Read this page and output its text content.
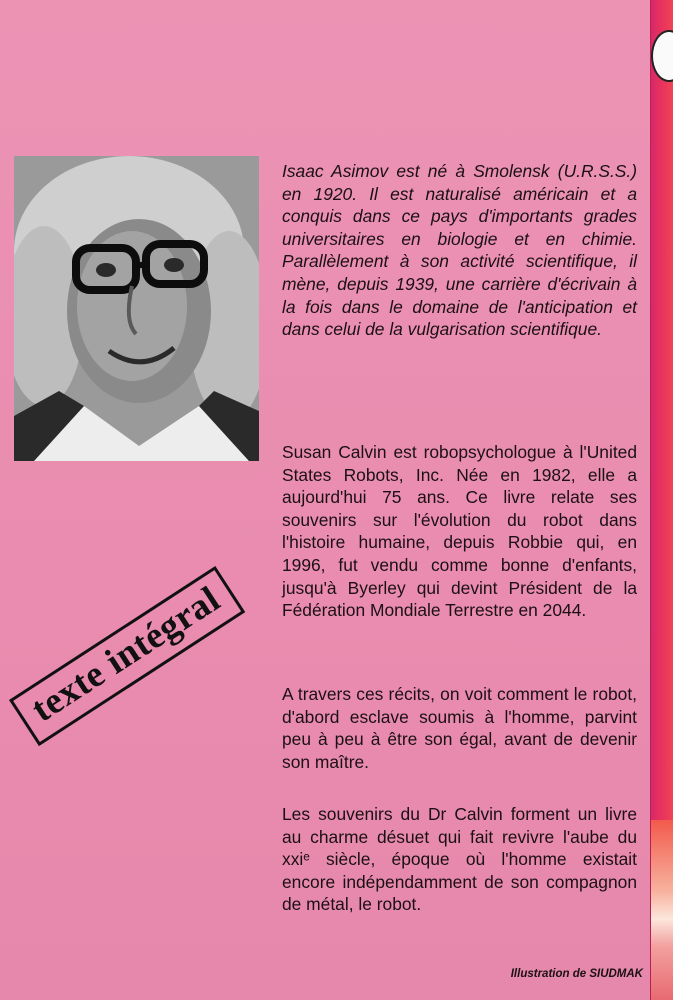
Isaac Asimov est né à Smolensk (U.R.S.S.) en 1920. Il est naturalisé américain et a conquis dans ce pays d'importants grades universitaires en biologie et en chimie. Parallèlement à son activité scientifique, il mène, depuis 1939, une carrière d'écrivain à la fois dans le domaine de l'anticipation et dans celui de la vulgarisation scientifique.

Susan Calvin est robopsychologue à l'United States Robots, Inc. Née en 1982, elle a aujourd'hui 75 ans. Ce livre relate ses souvenirs sur l'évolution du robot dans l'histoire humaine, depuis Robbie qui, en 1996, fut vendu comme bonne d'enfants, jusqu'à Byerley qui devint Président de la Fédération Mondiale Terrestre en 2044.

A travers ces récits, on voit comment le robot, d'abord esclave soumis à l'homme, parvint peu à peu à être son égal, avant de devenir son maître.

Les souvenirs du Dr Calvin forment un livre au charme désuet qui fait revivre l'aube du xxiᵉ siècle, époque où l'homme existait encore indépendamment de son compagnon de métal, le robot.

texte intégral
Illustration de SIUDMAK
